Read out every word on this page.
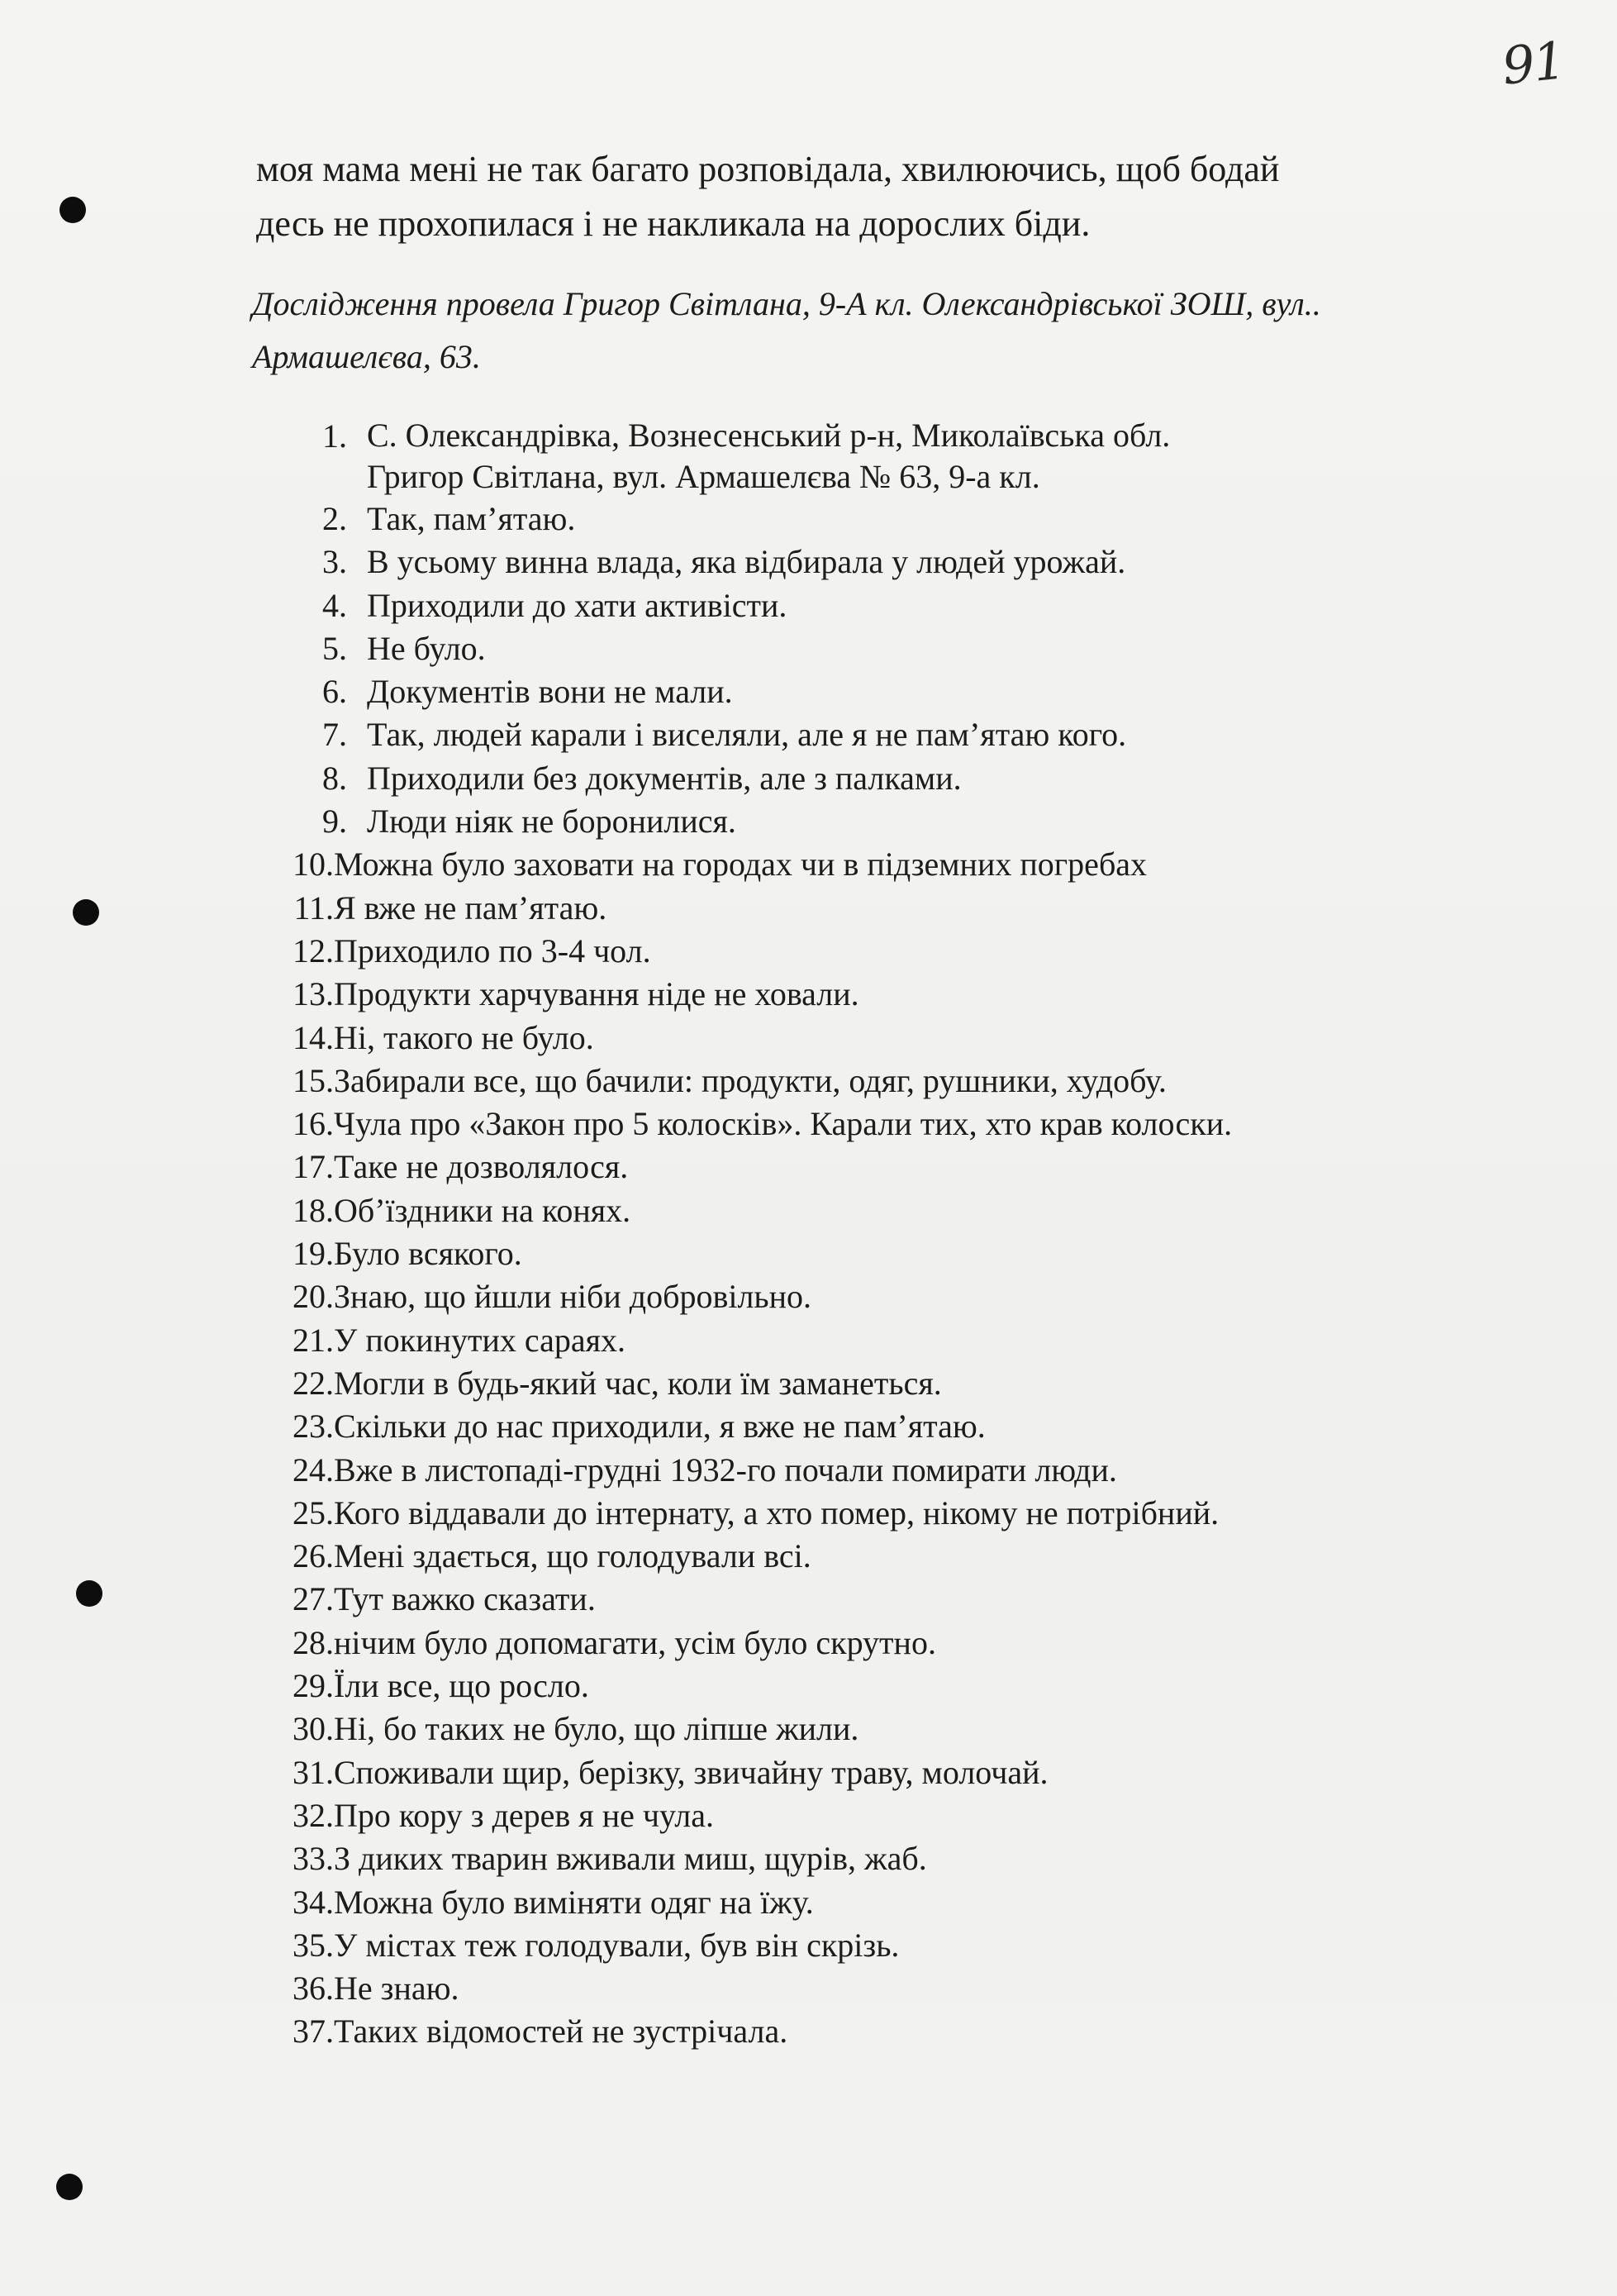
91

моя мама мені не так багато розповідала, хвилюючись, щоб бодай
десь не прохопилася і не накликала на дорослих біди.

Дослідження провела Григор Світлана, 9-А кл. Олександрівської ЗОШ, вул..
Армашелєва, 63.

1. С. Олександрівка, Вознесенський р-н, Миколаївська обл.
Григор Світлана, вул. Армашелєва № 63, 9-а кл.
2. Так, пам’ятаю.
3. В усьому винна влада, яка відбирала у людей урожай.
4. Приходили до хати активісти.
5. Не було.
6. Документів вони не мали.
7. Так, людей карали і виселяли, але я не пам’ятаю кого.
8. Приходили без документів, але з палками.
9. Люди ніяк не боронилися.
10. Можна було заховати на городах чи в підземних погребах
11. Я вже не пам’ятаю.
12. Приходило по 3-4 чол.
13. Продукти харчування ніде не ховали.
14. Ні, такого не було.
15. Забирали все, що бачили: продукти, одяг, рушники, худобу.
16. Чула про «Закон про 5 колосків». Карали тих, хто крав колоски.
17. Таке не дозволялося.
18. Об’їздники на конях.
19. Було всякого.
20. Знаю, що йшли ніби добровільно.
21. У покинутих сараях.
22. Могли в будь-який час, коли їм заманеться.
23. Скільки до нас приходили, я вже не пам’ятаю.
24. Вже в листопаді-грудні 1932-го почали помирати люди.
25. Кого віддавали до інтернату, а хто помер, нікому не потрібний.
26. Мені здається, що голодували всі.
27. Тут важко сказати.
28. нічим було допомагати, усім було скрутно.
29. Їли все, що росло.
30. Ні, бо таких не було, що ліпше жили.
31. Споживали щир, берізку, звичайну траву, молочай.
32. Про кору з дерев я не чула.
33. З диких тварин вживали миш, щурів, жаб.
34. Можна було виміняти одяг на їжу.
35. У містах теж голодували, був він скрізь.
36. Не знаю.
37. Таких відомостей не зустрічала.
